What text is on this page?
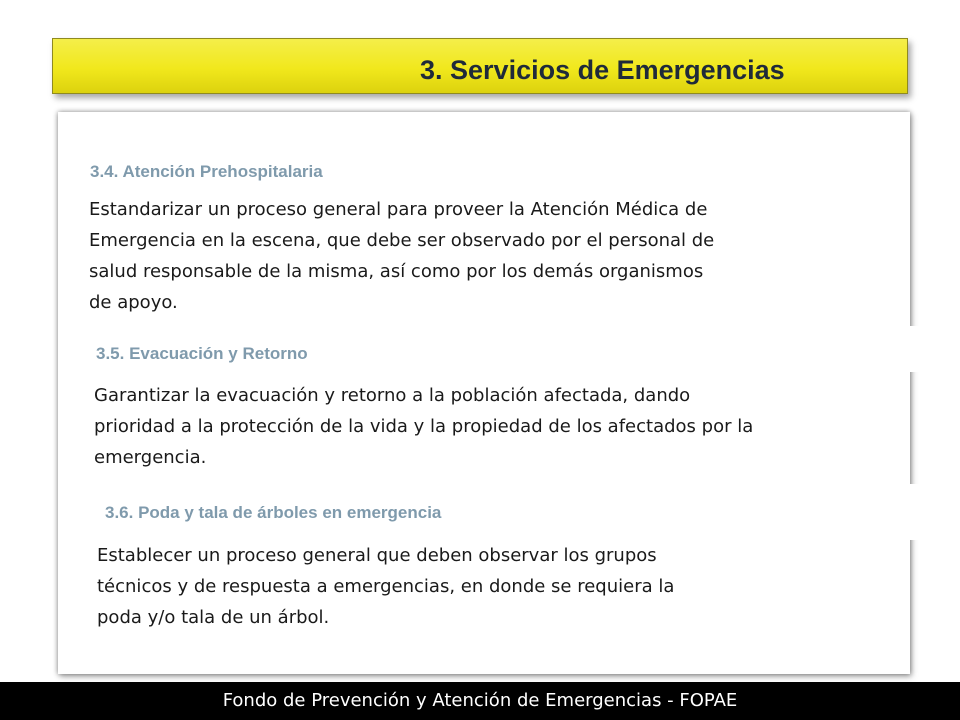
3. Servicios de Emergencias
3.4. Atención Prehospitalaria
Estandarizar un proceso general para proveer la Atención Médica de
Emergencia en la escena, que debe ser observado por el personal de
salud responsable de la misma, así como por los demás organismos
de apoyo.
3.5. Evacuación y Retorno
Garantizar la evacuación y retorno a la población afectada, dando
prioridad a la protección de la vida y la propiedad de los afectados por la
emergencia.
3.6. Poda y tala de árboles en emergencia
Establecer un proceso general que deben observar los grupos
técnicos y de respuesta a emergencias, en donde se requiera la
poda y/o tala de un árbol.
Fondo de Prevención y Atención de Emergencias - FOPAE
